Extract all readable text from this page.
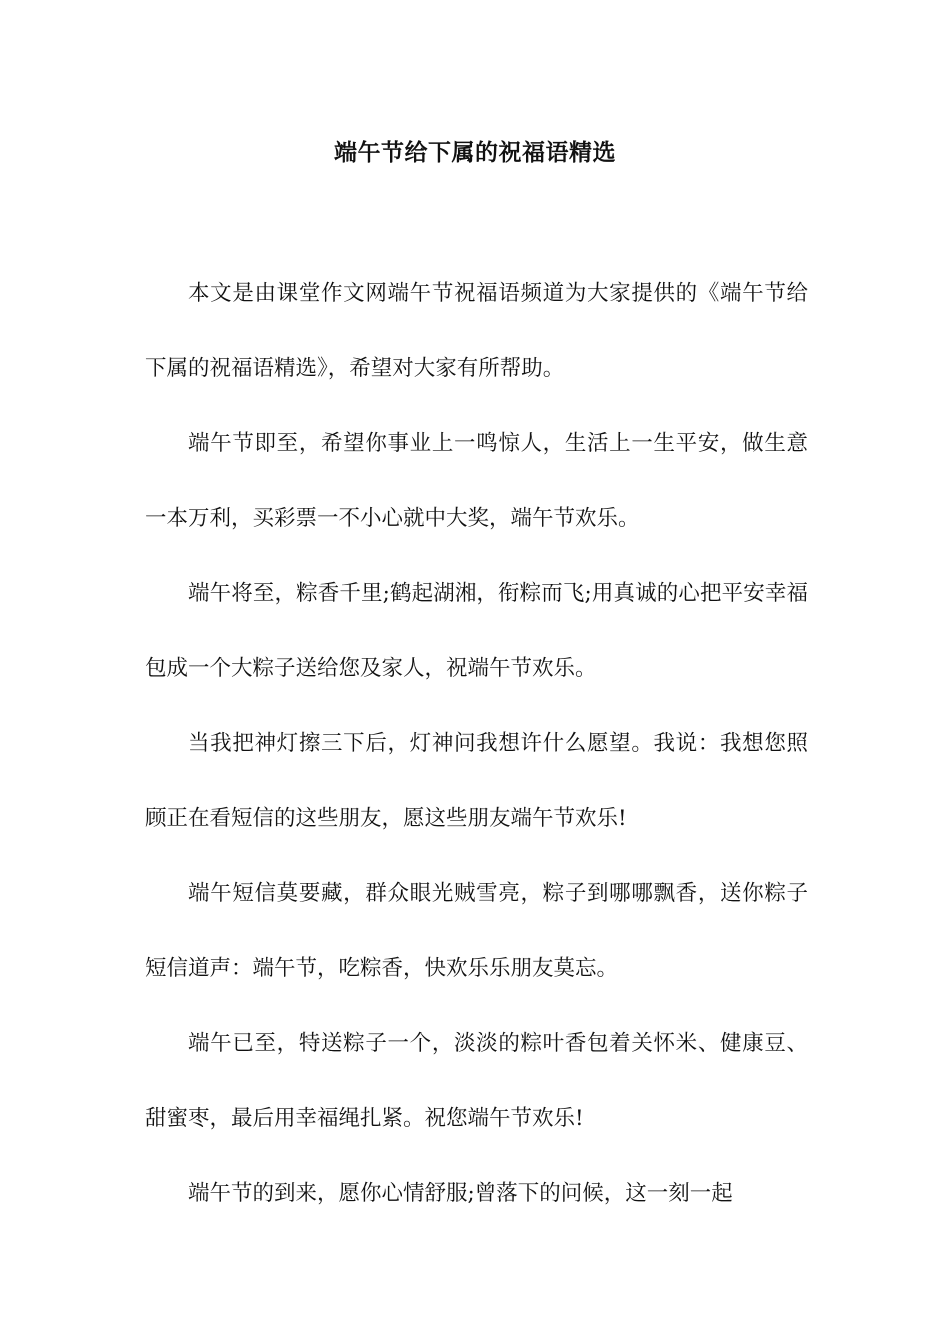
端午节给下属的祝福语精选

本文是由课堂作文网端午节祝福语频道为大家提供的《端午节给下属的祝福语精选》，希望对大家有所帮助。

端午节即至，希望你事业上一鸣惊人，生活上一生平安，做生意一本万利，买彩票一不小心就中大奖，端午节欢乐。

端午将至，粽香千里;鹤起湖湘，衔粽而飞;用真诚的心把平安幸福包成一个大粽子送给您及家人，祝端午节欢乐。

当我把神灯擦三下后，灯神问我想许什么愿望。我说：我想您照顾正在看短信的这些朋友，愿这些朋友端午节欢乐!

端午短信莫要藏，群众眼光贼雪亮，粽子到哪哪飘香，送你粽子短信道声：端午节，吃粽香，快欢乐乐朋友莫忘。

端午已至，特送粽子一个，淡淡的粽叶香包着关怀米、健康豆、甜蜜枣，最后用幸福绳扎紧。祝您端午节欢乐!

端午节的到来，愿你心情舒服;曾落下的问候，这一刻一起
